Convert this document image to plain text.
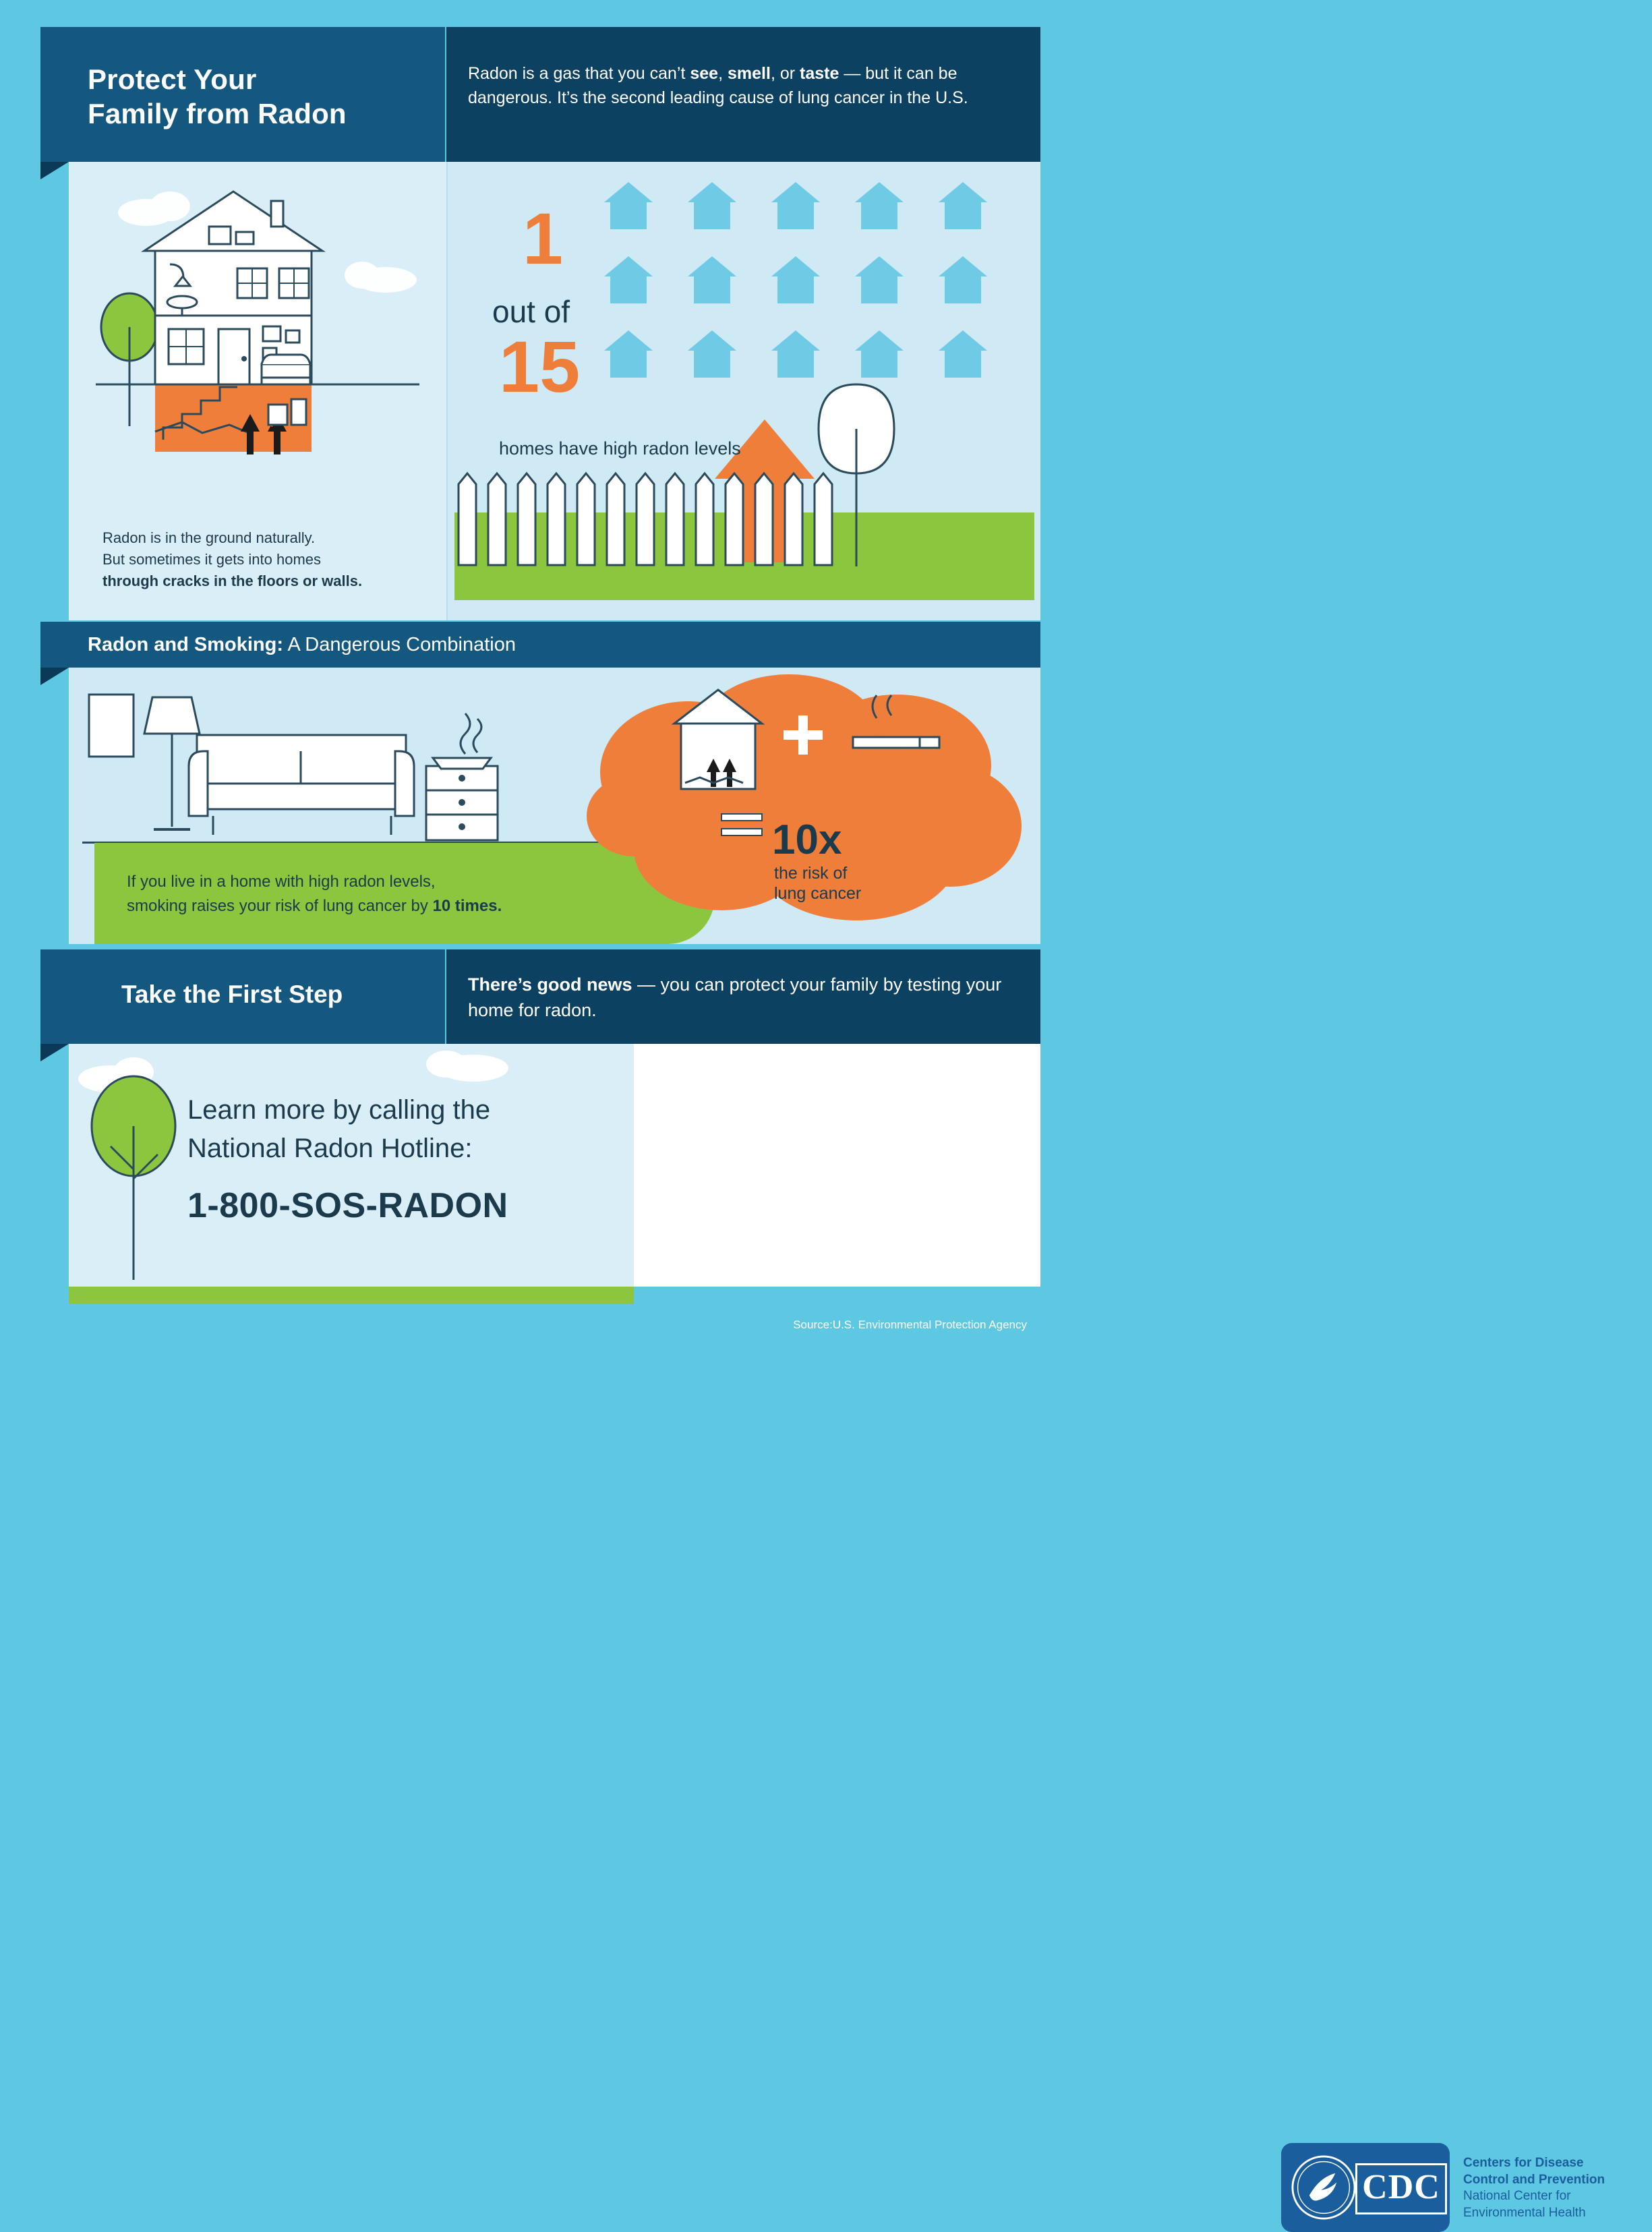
Protect Your
Family from Radon
Radon is a gas that you can’t see, smell, or taste — but it can be dangerous. It’s the second leading cause of lung cancer in the U.S.
Radon is in the ground naturally.
But sometimes it gets into homes
through cracks in the floors or walls.
1
out of
15
homes have high radon levels
Radon and Smoking: A Dangerous Combination
If you live in a home with high radon levels,
smoking raises your risk of lung cancer by 10 times.
10x
the risk of
lung cancer
Take the First Step	There’s good news — you can protect your family by testing your home for radon.
CDC
Centers for Disease
Control and Prevention
National Center for
Environmental Health
Learn more by calling the
National Radon Hotline:
1-800-SOS-RADON
Source:U.S. Environmental Protection Agency
